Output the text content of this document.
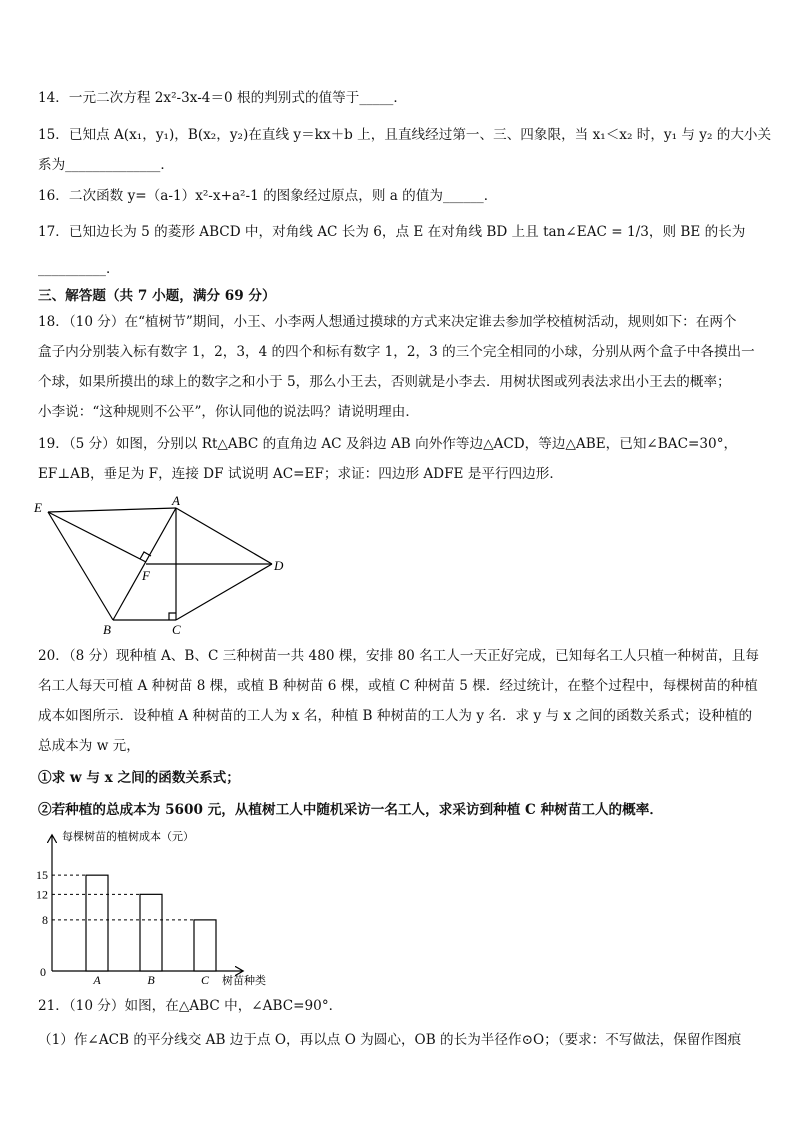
14．一元二次方程 2x²-3x-4＝0 根的判别式的值等于_____．
15．已知点 A(x₁，y₁)，B(x₂，y₂)在直线 y＝kx＋b 上，且直线经过第一、三、四象限，当 x₁＜x₂ 时，y₁ 与 y₂ 的大小关
系为______________．
16．二次函数 y=（a-1）x²-x+a²-1 的图象经过原点，则 a 的值为______．
17．已知边长为 5 的菱形 ABCD 中，对角线 AC 长为 6，点 E 在对角线 BD 上且 tan∠EAC = 1/3，则 BE 的长为
__________．
三、解答题（共 7 小题，满分 69 分）
18．（10 分）在“植树节”期间，小王、小李两人想通过摸球的方式来决定谁去参加学校植树活动，规则如下：在两个
盒子内分别装入标有数字 1，2，3，4 的四个和标有数字 1，2，3 的三个完全相同的小球，分别从两个盒子中各摸出一
个球，如果所摸出的球上的数字之和小于 5，那么小王去，否则就是小李去．用树状图或列表法求出小王去的概率；
小李说：“这种规则不公平”，你认同他的说法吗？请说明理由．
19．（5 分）如图，分别以 Rt△ABC 的直角边 AC 及斜边 AB 向外作等边△ACD，等边△ABE，已知∠BAC=30°，
EF⊥AB，垂足为 F，连接 DF 试说明 AC=EF；求证：四边形 ADFE 是平行四边形．
E	A
F
D
B	C
20．（8 分）现种植 A、B、C 三种树苗一共 480 棵，安排 80 名工人一天正好完成，已知每名工人只植一种树苗，且每
名工人每天可植 A 种树苗 8 棵，或植 B 种树苗 6 棵，或植 C 种树苗 5 棵．经过统计，在整个过程中，每棵树苗的种植
成本如图所示．设种植 A 种树苗的工人为 x 名，种植 B 种树苗的工人为 y 名．求 y 与 x 之间的函数关系式；设种植的
总成本为 w 元，
①求 w 与 x 之间的函数关系式；
②若种植的总成本为 5600 元，从植树工人中随机采访一名工人，求采访到种植 C 种树苗工人的概率．
每棵树苗的植树成本（元）
树苗种类
0
A
15
B
12
C
8
21．（10 分）如图，在△ABC 中，∠ABC=90°．
（1）作∠ACB 的平分线交 AB 边于点 O，再以点 O 为圆心，OB 的长为半径作⊙O；（要求：不写做法，保留作图痕
